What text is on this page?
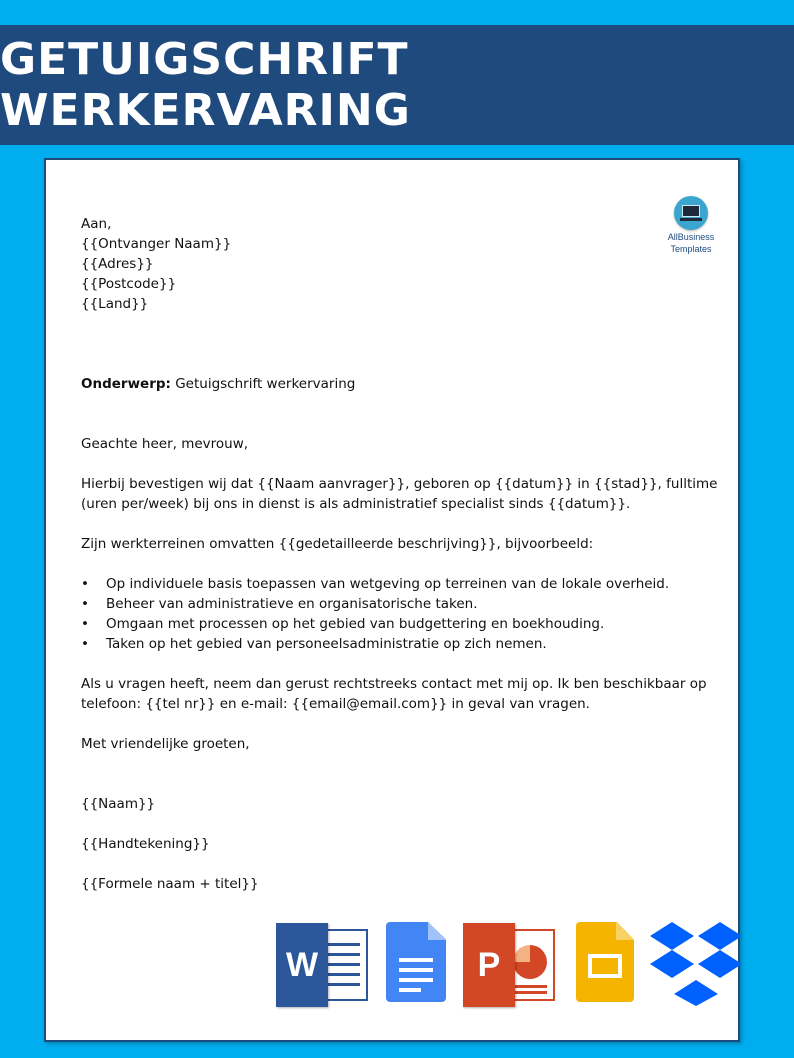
GETUIGSCHRIFT WERKERVARING
AllBusiness
Templates

Aan,

{{Ontvanger Naam}}

{{Adres}}

{{Postcode}}

{{Land}}

Onderwerp: Getuigschrift werkervaring

Geachte heer, mevrouw,

Hierbij bevestigen wij dat {{Naam aanvrager}}, geboren op {{datum}} in {{stad}}, fulltime (uren per/week) bij ons in dienst is als administratief specialist sinds {{datum}}.

Zijn werkterreinen omvatten {{gedetailleerde beschrijving}}, bijvoorbeeld:

• Op individuele basis toepassen van wetgeving op terreinen van de lokale overheid.
• Beheer van administratieve en organisatorische taken.
• Omgaan met processen op het gebied van budgettering en boekhouding.
• Taken op het gebied van personeelsadministratie op zich nemen.

Als u vragen heeft, neem dan gerust rechtstreeks contact met mij op. Ik ben beschikbaar op telefoon: {{tel nr}} en e-mail: {{email@email.com}} in geval van vragen.

Met vriendelijke groeten,

{{Naam}}

{{Handtekening}}

{{Formele naam + titel}}

W	P
